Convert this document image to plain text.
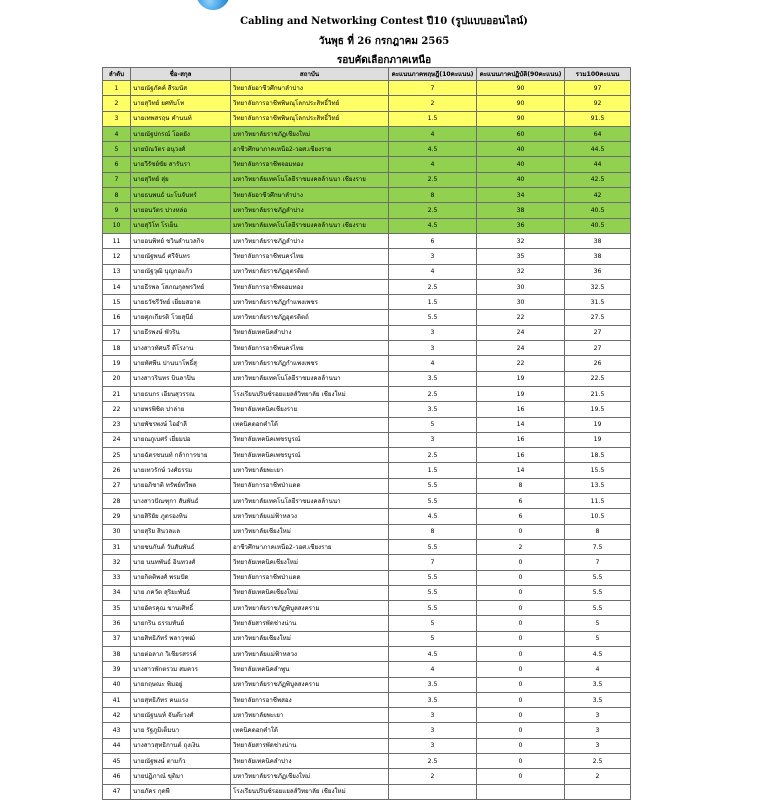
Cabling and Networking Contest ปี10 (รูปแบบออนไลน์)
วันพุธ ที่ 26 กรกฎาคม 2565
รอบคัดเลือกภาคเหนือ
ลำดับ	ชื่อ-สกุล	สถาบัน	คะแนนภาคทฤษฎี(10คะแนน)	คะแนนภาคปฏิบัติ(90คะแนน)	รวม100คะแนน
1	นายณัฐภัคค์ สีรมนัส	วิทยาลัยอาชีวศึกษาลำปาง	7	90	97
2	นายสุวิทย์ ยศทับโท	วิทยาลัยการอาชีพพิษณุโลกประสิทธิ์วิทย์	2	90	92
3	นายเทพสรฤษ คำนนท์	วิทยาลัยการอาชีพพิษณุโลกประสิทธิ์วิทย์	1.5	90	91.5
4	นายณัฐปกรณ์ โอตยัง	มหาวิทยาลัยราชภัฏเชียงใหม่	4	60	64
5	นายบัณวัตร อนุวงศ์	อาชีวศึกษาภาคเหนือ2-วอศ.เชียงราย	4.5	40	44.5
6	นายวีรัชย์ขัย สารันรา	วิทยาลัยการอาชีพจอมทอง	4	40	44
7	นายสุวิทย์ สุ่ย	มหาวิทยาลัยเทคโนโลยีราชมงคลล้านนา เชียงราย	2.5	40	42.5
8	นายธนพนธ์ นะโนจันทร์	วิทยาลัยอาชีวศึกษาลำปาง	8	34	42
9	นายอนวัตร ปางหล่อ	มหาวิทยาลัยราชภัฏลำปาง	2.5	38	40.5
10	นายสุวิโท โรเย็น	มหาวิทยาลัยเทคโนโลยีราชมงคลล้านนา เชียงราย	4.5	36	40.5
11	นายอนพิทย์ ชวินลำนวลกิจ	มหาวิทยาลัยราชภัฏลำปาง	6	32	38
12	นายณัฐพนธ์ ศรีจันทร	วิทยาลัยการอาชีพนครไทย	3	35	38
13	นายณัฐวุฒิ บุญกอแก้ว	มหาวิทยาลัยราชภัฏอุตรดิตถ์	4	32	36
14	นายธีรพล โสภณกุลพรวิทย์	วิทยาลัยการอาชีพจอมทอง	2.5	30	32.5
15	นายธวัชรีวัทย์ เยี่ยมสอาด	มหาวิทยาลัยราชภัฏกำแพงเพชร	1.5	30	31.5
16	นายศุภเกียรติ โวยสุนีย์	มหาวิทยาลัยราชภัฏอุตรดิตถ์	5.5	22	27.5
17	นายธีรพงษ์ พัวริน	วิทยาลัยเทคนิคลำปาง	3	24	27
18	นางสาวทัศนรี ดีโรงาน	วิทยาลัยการอาชีพนครไทย	3	24	27
19	นายทัศพีน ปานนาโพธิ์สุ	มหาวิทยาลัยราชภัฏกำแพงเพชร	4	22	26
20	นางสาวรินทร บินลาปิน	มหาวิทยาลัยเทคโนโลยีราชมงคลล้านนา	3.5	19	22.5
21	นายธนกร เอียนสุวรรณ	โรงเรียนปรินซ์รอยแยลส์วิทยาลัย เชียงใหม่	2.5	19	21.5
22	นายพรพิชิต ปาล่าย	วิทยาลัยเทคนิคเชียงราย	3.5	16	19.5
23	นายพัชรพงษ์ ไออำลี	เทคนิคดอกคำใต้	5	14	19
24	นายณภูเบศร์ เยี่ยมปอ	วิทยาลัยเทคนิคเพชรบูรณ์	3	16	19
25	นายฉัตรชนนท์ กล้าการขาย	วิทยาลัยเทคนิคเพชรบูรณ์	2.5	16	18.5
26	นายเทวรักษ์ วงศ์ธรรม	มหาวิทยาลัยพะเยา	1.5	14	15.5
27	นายอภิชาติ ทรัพย์ทวีพล	วิทยาลัยการอาชีพป่าแดด	5.5	8	13.5
28	นางสาวปัณฑุกา สันพันธ์	มหาวิทยาลัยเทคโนโลยีราชมงคลล้านนา	5.5	6	11.5
29	นายสิริยัย ภูตรองหิน	มหาวิทยาลัยแม่ฟ้าหลวง	4.5	6	10.5
30	นายสุริย สินวลแล	มหาวิทยาลัยเชียงใหม่	8	0	8
31	นายชนกันต์ วันสันพันธ์	อาชีวศึกษาภาคเหนือ2-วอศ.เชียงราย	5.5	2	7.5
32	นาย นนทพันธ์ อินทวงศ์	วิทยาลัยเทคนิคเชียงใหม่	7	0	7
33	นายกิตติพงศ์ พรมปัด	วิทยาลัยการอาชีพป่าแดด	5.5	0	5.5
34	นาย ภควัต สุริยะพันธ์	วิทยาลัยเทคนิคเชียงใหม่	5.5	0	5.5
35	นายอัครคุณ ขานเศิทธิ์	มหาวิทยาลัยราชภัฏพิบูลสงคราม	5.5	0	5.5
36	นายกริน ธรรมทันย์	วิทยาลัยสารพัดช่างน่าน	5	0	5
37	นายสิทธิภัทร์ พลาวุฑฒ์	มหาวิทยาลัยเชียงใหม่	5	0	5
38	นายต่อลาภ วิเชียรสรรค์	มหาวิทยาลัยแม่ฟ้าหลวง	4.5	0	4.5
39	นางสาวพักตรวม สมควร	วิทยาลัยเทคนิคลำพูน	4	0	4
40	นายกฤษณะ พิมอยู่	มหาวิทยาลัยราชภัฏพิบูลสงคราม	3.5	0	3.5
41	นายสุทธิภัทร คนแรง	วิทยาลัยการอาชีพสอง	3.5	0	3.5
42	นายณัฐนนท์ จันต๊ะวงศ์	มหาวิทยาลัยพะเยา	3	0	3
43	นาย รัฐภูมิเต็มนา	เทคนิคดอกคำใต้	3	0	3
44	นางสาวสุทธิกานต์ ถุงเงิน	วิทยาลัยสารพัดช่างน่าน	3	0	3
45	นายณัฐพงษ์ ตามก้ว	วิทยาลัยเทคนิคลำปาง	2.5	0	2.5
46	นายปฏิภาณ์ ขุติมา	มหาวิทยาลัยราชภัฏเชียงใหม่	2	0	2
47	นายภัคร กุดพี	โรงเรียนปรินซ์รอยแยลส์วิทยาลัย เชียงใหม่			
